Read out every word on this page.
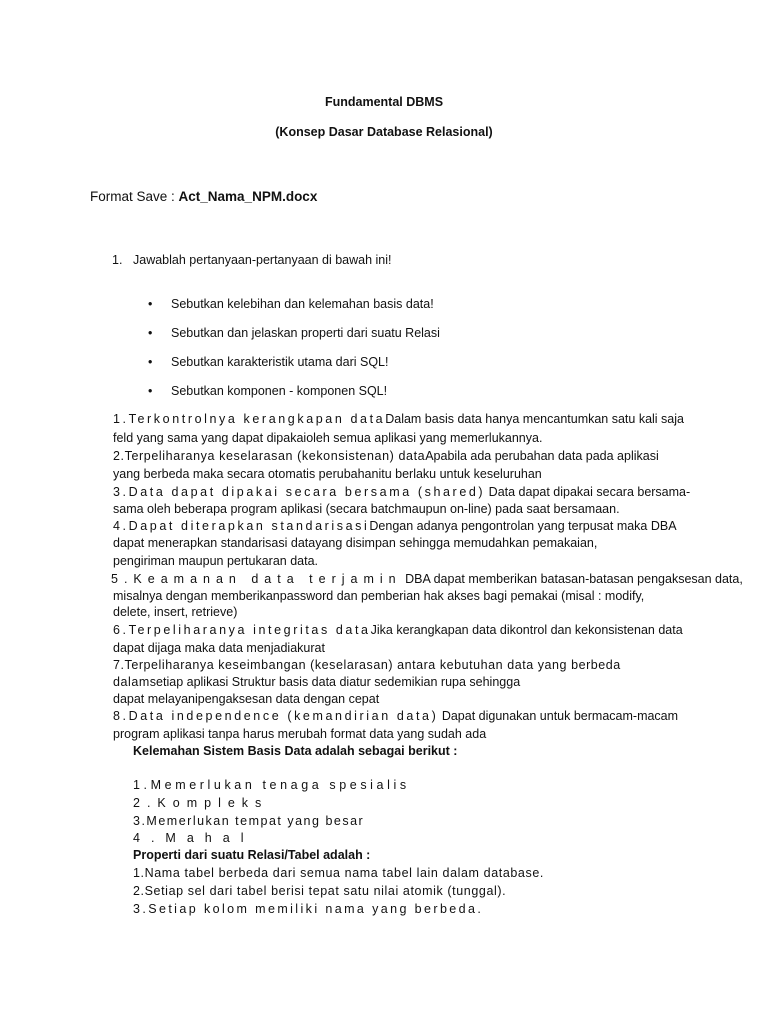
Fundamental DBMS
(Konsep Dasar Database Relasional)
Format Save : Act_Nama_NPM.docx
1. Jawablah pertanyaan-pertanyaan di bawah ini!
• Sebutkan kelebihan dan kelemahan basis data!
• Sebutkan dan jelaskan properti dari suatu Relasi
• Sebutkan karakteristik utama dari SQL!
• Sebutkan komponen - komponen SQL!
1.Terkontrolnya kerangkapan dataDalam basis data hanya mencantumkan satu kali saja
feld yang sama yang dapat dipakaioleh semua aplikasi yang memerlukannya.
2.Terpeliharanya keselarasan (kekonsistenan) dataApabila ada perubahan data pada aplikasi
yang berbeda maka secara otomatis perubahanitu berlaku untuk keseluruhan
3.Data dapat dipakai secara bersama (shared) Data dapat dipakai secara bersama-
sama oleh beberapa program aplikasi (secara batchmaupun on-line) pada saat bersamaan.
4.Dapat diterapkan standarisasiDengan adanya pengontrolan yang terpusat maka DBA
dapat menerapkan standarisasi datayang disimpan sehingga memudahkan pemakaian,
pengiriman maupun pertukaran data.
5.Keamanan data terjamin DBA dapat memberikan batasan-batasan pengaksesan data,
misalnya dengan memberikanpassword dan pemberian hak akses bagi pemakai (misal : modify,
delete, insert, retrieve)
6.Terpeliharanya integritas dataJika kerangkapan data dikontrol dan kekonsistenan data
dapat dijaga maka data menjadiakurat
7.Terpeliharanya keseimbangan (keselarasan) antara kebutuhan data yang berbeda
dalamsetiap aplikasi Struktur basis data diatur sedemikian rupa sehingga
dapat melayanipengaksesan data dengan cepat
8.Data independence (kemandirian data) Dapat digunakan untuk bermacam-macam
program aplikasi tanpa harus merubah format data yang sudah ada
Kelemahan Sistem Basis Data adalah sebagai berikut :
1.Memerlukan tenaga spesialis
2.Kompleks
3.Memerlukan tempat yang besar
4.Mahal
Properti dari suatu Relasi/Tabel adalah :
1.Nama tabel berbeda dari semua nama tabel lain dalam database.
2.Setiap sel dari tabel berisi tepat satu nilai atomik (tunggal).
3.Setiap kolom memiliki nama yang berbeda.
